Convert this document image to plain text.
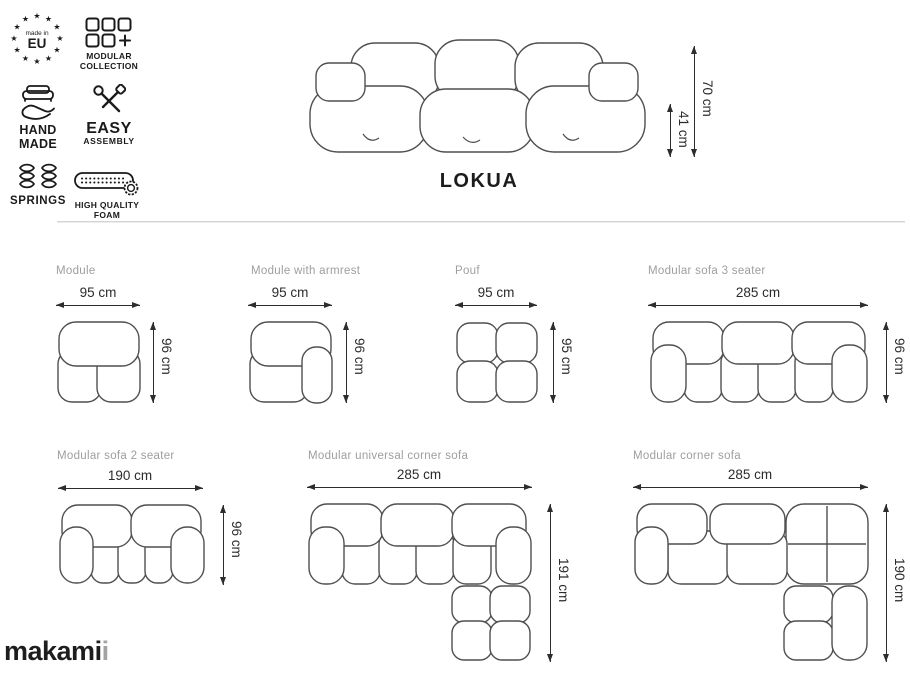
★
★
★
★
★
★
★
★
★ ★ ★
★
made in
EU
MODULAR
COLLECTION
HAND
MADE
EASY
ASSEMBLY
SPRINGS HIGH QUALITY
FOAM
41 cm
70 cm
LOKUA
Module
95 cm
96 cm
Module with armrest
95 cm
96 cm
Pouf
95 cm
95 cm
Modular sofa 3 seater
285 cm
96 cm
Modular sofa 2 seater
190 cm
96 cm
Modular universal corner sofa
285 cm
191 cm
Modular corner sofa
285 cm
190 cm
makamii
